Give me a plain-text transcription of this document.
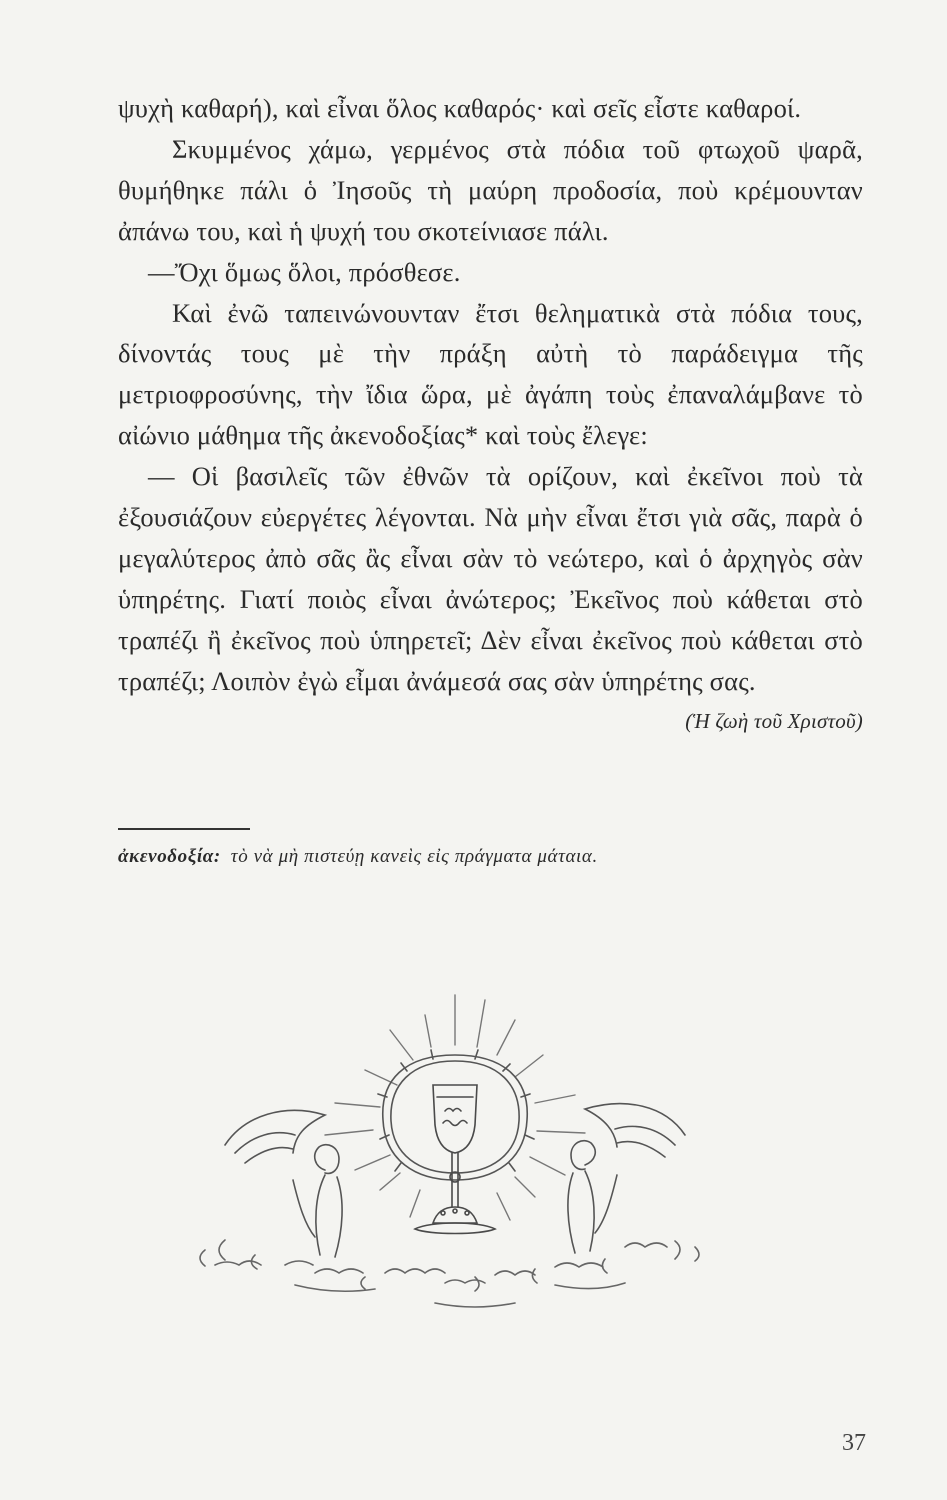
ψυχὴ καθαρή), καὶ εἶναι ὅλος καθαρός· καὶ σεῖς εἶστε καθαροί.

Σκυμμένος χάμω, γερμένος στὰ πόδια τοῦ φτωχοῦ ψαρᾶ, θυμήθηκε πάλι ὁ Ἰησοῦς τὴ μαύρη προδοσία, ποὺ κρέμουνταν ἀπάνω του, καὶ ἡ ψυχή του σκοτείνιασε πάλι.

—Ὄχι ὅμως ὅλοι, πρόσθεσε.

Καὶ ἐνῶ ταπεινώνουνταν ἔτσι θεληματικὰ στὰ πόδια τους, δίνοντάς τους μὲ τὴν πράξη αὐτὴ τὸ παράδειγμα τῆς μετριοφροσύνης, τὴν ἴδια ὥρα, μὲ ἀγάπη τοὺς ἐπαναλάμβανε τὸ αἰώνιο μάθημα τῆς ἀκενοδοξίας* καὶ τοὺς ἔλεγε:

— Οἱ βασιλεῖς τῶν ἐθνῶν τὰ ορίζουν, καὶ ἐκεῖνοι ποὺ τὰ ἐξουσιάζουν εὐεργέτες λέγονται. Νὰ μὴν εἶναι ἔτσι γιὰ σᾶς, παρὰ ὁ μεγαλύτερος ἀπὸ σᾶς ἂς εἶναι σὰν τὸ νεώτερο, καὶ ὁ ἀρχηγὸς σὰν ὑπηρέτης. Γιατί ποιὸς εἶναι ἀνώτερος; Ἐκεῖνος ποὺ κάθεται στὸ τραπέζι ἢ ἐκεῖνος ποὺ ὑπηρετεῖ; Δὲν εἶναι ἐκεῖνος ποὺ κάθεται στὸ τραπέζι; Λοιπὸν ἐγὼ εἶμαι ἀνάμεσά σας σὰν ὑπηρέτης σας.

(Ἡ ζωὴ τοῦ Χριστοῦ)

ἀκενοδοξία: τὸ νὰ μὴ πιστεύῃ κανεὶς εἰς πράγματα μάταια.
37
